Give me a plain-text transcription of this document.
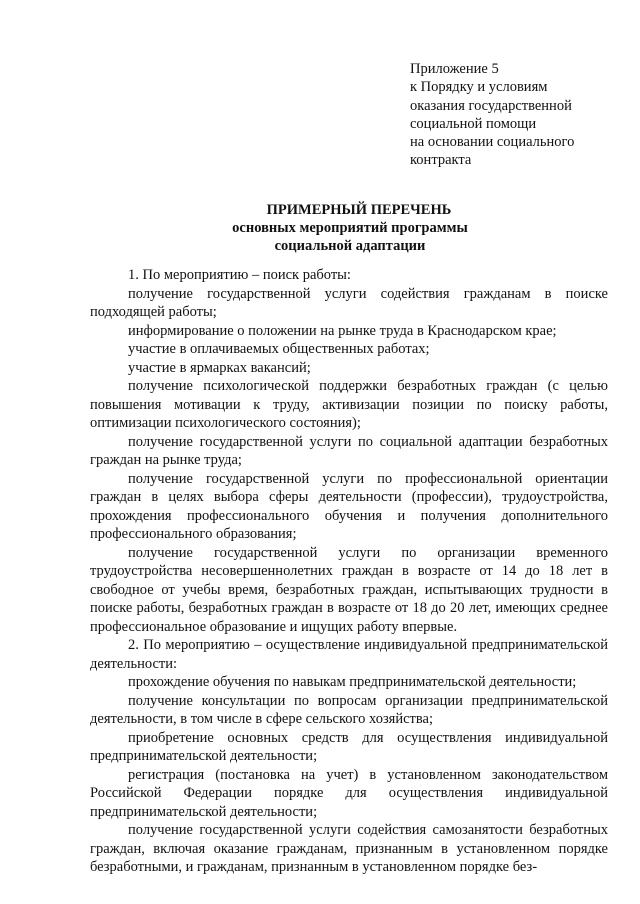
Приложение 5
к Порядку и условиям
оказания государственной
социальной помощи
на основании социального
контракта
ПРИМЕРНЫЙ ПЕРЕЧЕНЬ
основных мероприятий программы
социальной адаптации

1. По мероприятию – поиск работы:

получение государственной услуги содействия гражданам в поиске подходящей работы;

информирование о положении на рынке труда в Краснодарском крае;

участие в оплачиваемых общественных работах;

участие в ярмарках вакансий;

получение психологической поддержки безработных граждан (с целью повышения мотивации к труду, активизации позиции по поиску работы, оптимизации психологического состояния);

получение государственной услуги по социальной адаптации безработных граждан на рынке труда;

получение государственной услуги по профессиональной ориентации граждан в целях выбора сферы деятельности (профессии), трудоустройства, прохождения профессионального обучения и получения дополнительного профессионального образования;

получение государственной услуги по организации временного трудоустройства несовершеннолетних граждан в возрасте от 14 до 18 лет в свободное от учебы время, безработных граждан, испытывающих трудности в поиске работы, безработных граждан в возрасте от 18 до 20 лет, имеющих среднее профессиональное образование и ищущих работу впервые.

2. По мероприятию – осуществление индивидуальной предпринимательской деятельности:

прохождение обучения по навыкам предпринимательской деятельности;

получение консультации по вопросам организации предпринимательской деятельности, в том числе в сфере сельского хозяйства;

приобретение основных средств для осуществления индивидуальной предпринимательской деятельности;

регистрация (постановка на учет) в установленном законодательством Российской Федерации порядке для осуществления индивидуальной предпринимательской деятельности;

получение государственной услуги содействия самозанятости безработных граждан, включая оказание гражданам, признанным в установленном порядке безработными, и гражданам, признанным в установленном порядке без-
